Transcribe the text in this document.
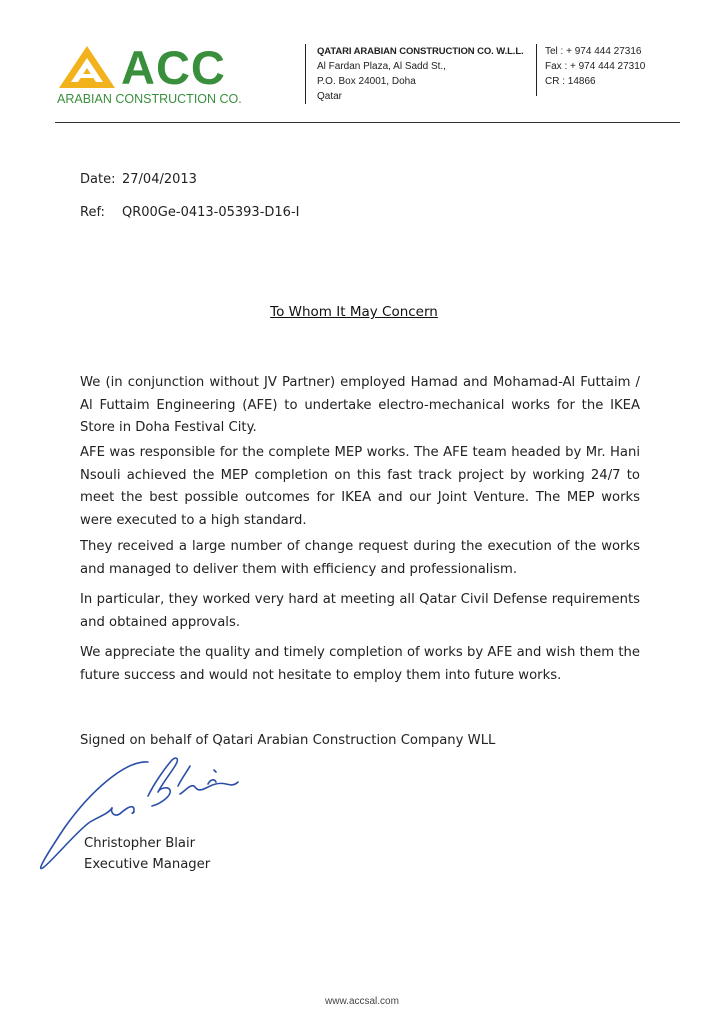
ACC
ARABIAN CONSTRUCTION CO.
QATARI ARABIAN CONSTRUCTION CO. W.L.L.
Al Fardan Plaza, Al Sadd St.,
P.O. Box 24001, Doha
Qatar
Tel : + 974 444 27316
Fax : + 974 444 27310
CR : 14866
Date: 27/04/2013
Ref: QR00Ge-0413-05393-D16-I
To Whom It May Concern
We (in conjunction without JV Partner) employed Hamad and Mohamad-Al Futtaim / Al Futtaim Engineering (AFE) to undertake electro-mechanical works for the IKEA Store in Doha Festival City.
AFE was responsible for the complete MEP works. The AFE team headed by Mr. Hani Nsouli achieved the MEP completion on this fast track project by working 24/7 to meet the best possible outcomes for IKEA and our Joint Venture. The MEP works were executed to a high standard.
They received a large number of change request during the execution of the works and managed to deliver them with efficiency and professionalism.
In particular, they worked very hard at meeting all Qatar Civil Defense requirements and obtained approvals.
We appreciate the quality and timely completion of works by AFE and wish them the future success and would not hesitate to employ them into future works.
Signed on behalf of Qatari Arabian Construction Company WLL
Christopher Blair
Executive Manager
www.accsal.com
